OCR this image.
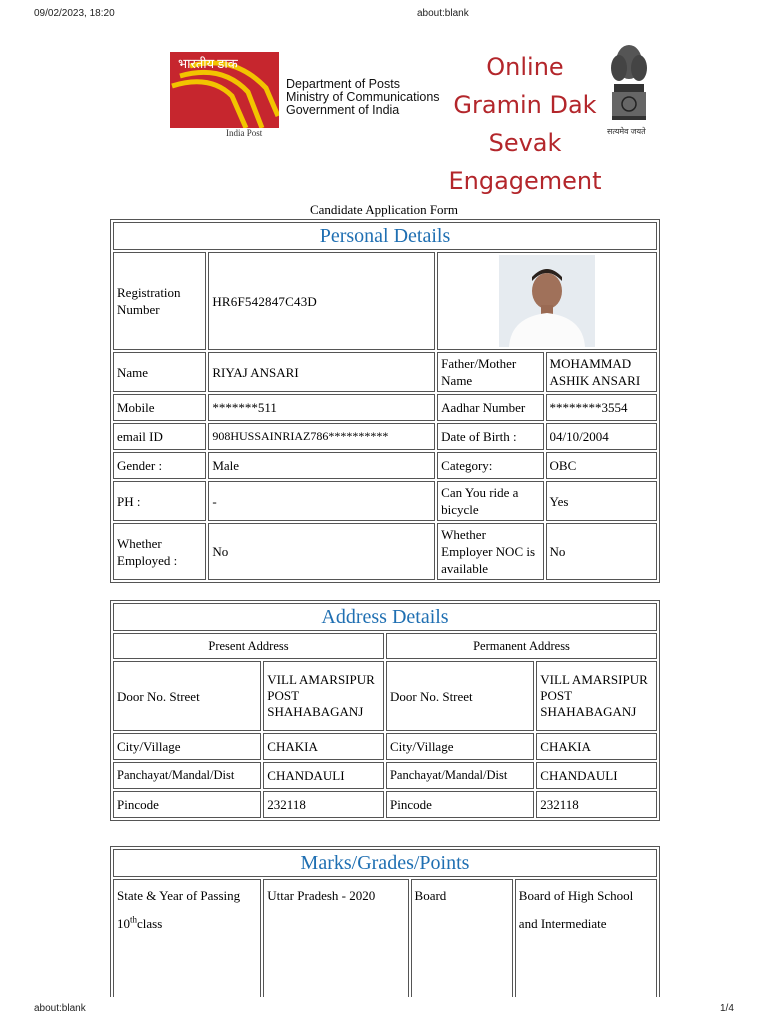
09/02/2023, 18:20	about:blank
भारतीय डाक
India Post
Department of Posts
Ministry of Communications
Government of India
Online
Gramin Dak
Sevak
Engagement
सत्यमेव जयते
Candidate Application Form
Personal Details			
Registration Number	HR6F542847C43D	
Name	RIYAJ ANSARI	Father/Mother Name	MOHAMMAD ASHIK ANSARI
Mobile	*******511	Aadhar Number	********3554
email ID	908HUSSAINRIAZ786**********	Date of Birth :	04/10/2004
Gender :	Male	Category:	OBC
PH :	-	Can You ride a bicycle	Yes
Whether Employed :	No	Whether Employer NOC is available	No
Address Details			
Present Address		Permanent Address	
Door No. Street	VILL AMARSIPUR POST SHAHABAGANJ	Door No. Street	VILL AMARSIPUR POST SHAHABAGANJ
City/Village	CHAKIA	City/Village	CHAKIA
Panchayat/Mandal/Dist	CHANDAULI	Panchayat/Mandal/Dist	CHANDAULI
Pincode	232118	Pincode	232118
Marks/Grades/Points
State & Year of Passing
10thclass	Uttar Pradesh - 2020	Board	Board of High School and Intermediate
about:blank	1/4
